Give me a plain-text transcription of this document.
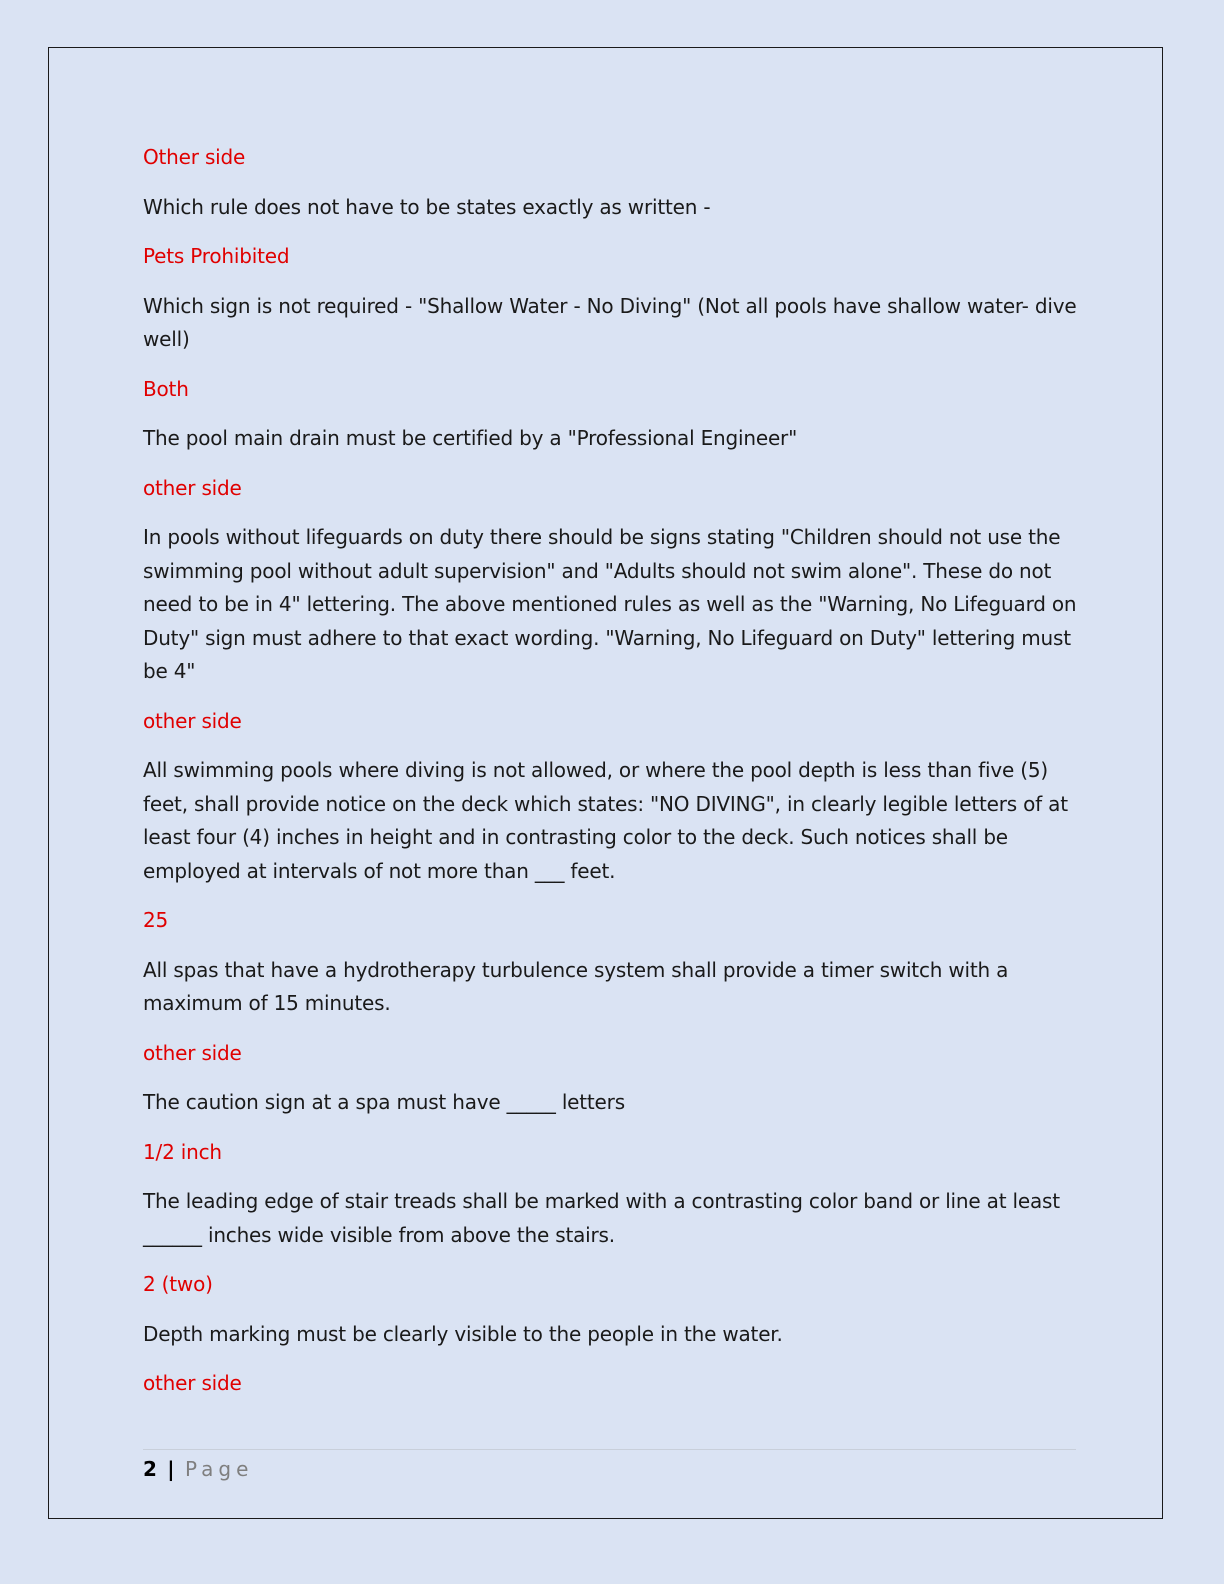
Other side

Which rule does not have to be states exactly as written -

Pets Prohibited

Which sign is not required - "Shallow Water - No Diving" (Not all pools have shallow water- dive well)

Both

The pool main drain must be certified by a "Professional Engineer"

other side

In pools without lifeguards on duty there should be signs stating "Children should not use the swimming pool without adult supervision" and "Adults should not swim alone". These do not need to be in 4" lettering. The above mentioned rules as well as the "Warning, No Lifeguard on Duty" sign must adhere to that exact wording. "Warning, No Lifeguard on Duty" lettering must be 4"

other side

All swimming pools where diving is not allowed, or where the pool depth is less than five (5) feet, shall provide notice on the deck which states: "NO DIVING", in clearly legible letters of at least four (4) inches in height and in contrasting color to the deck. Such notices shall be employed at intervals of not more than ___ feet.

25

All spas that have a hydrotherapy turbulence system shall provide a timer switch with a maximum of 15 minutes.

other side

The caution sign at a spa must have _____ letters

1/2 inch

The leading edge of stair treads shall be marked with a contrasting color band or line at least ______ inches wide visible from above the stairs.

2 (two)

Depth marking must be clearly visible to the people in the water.

other side

2 | Page
